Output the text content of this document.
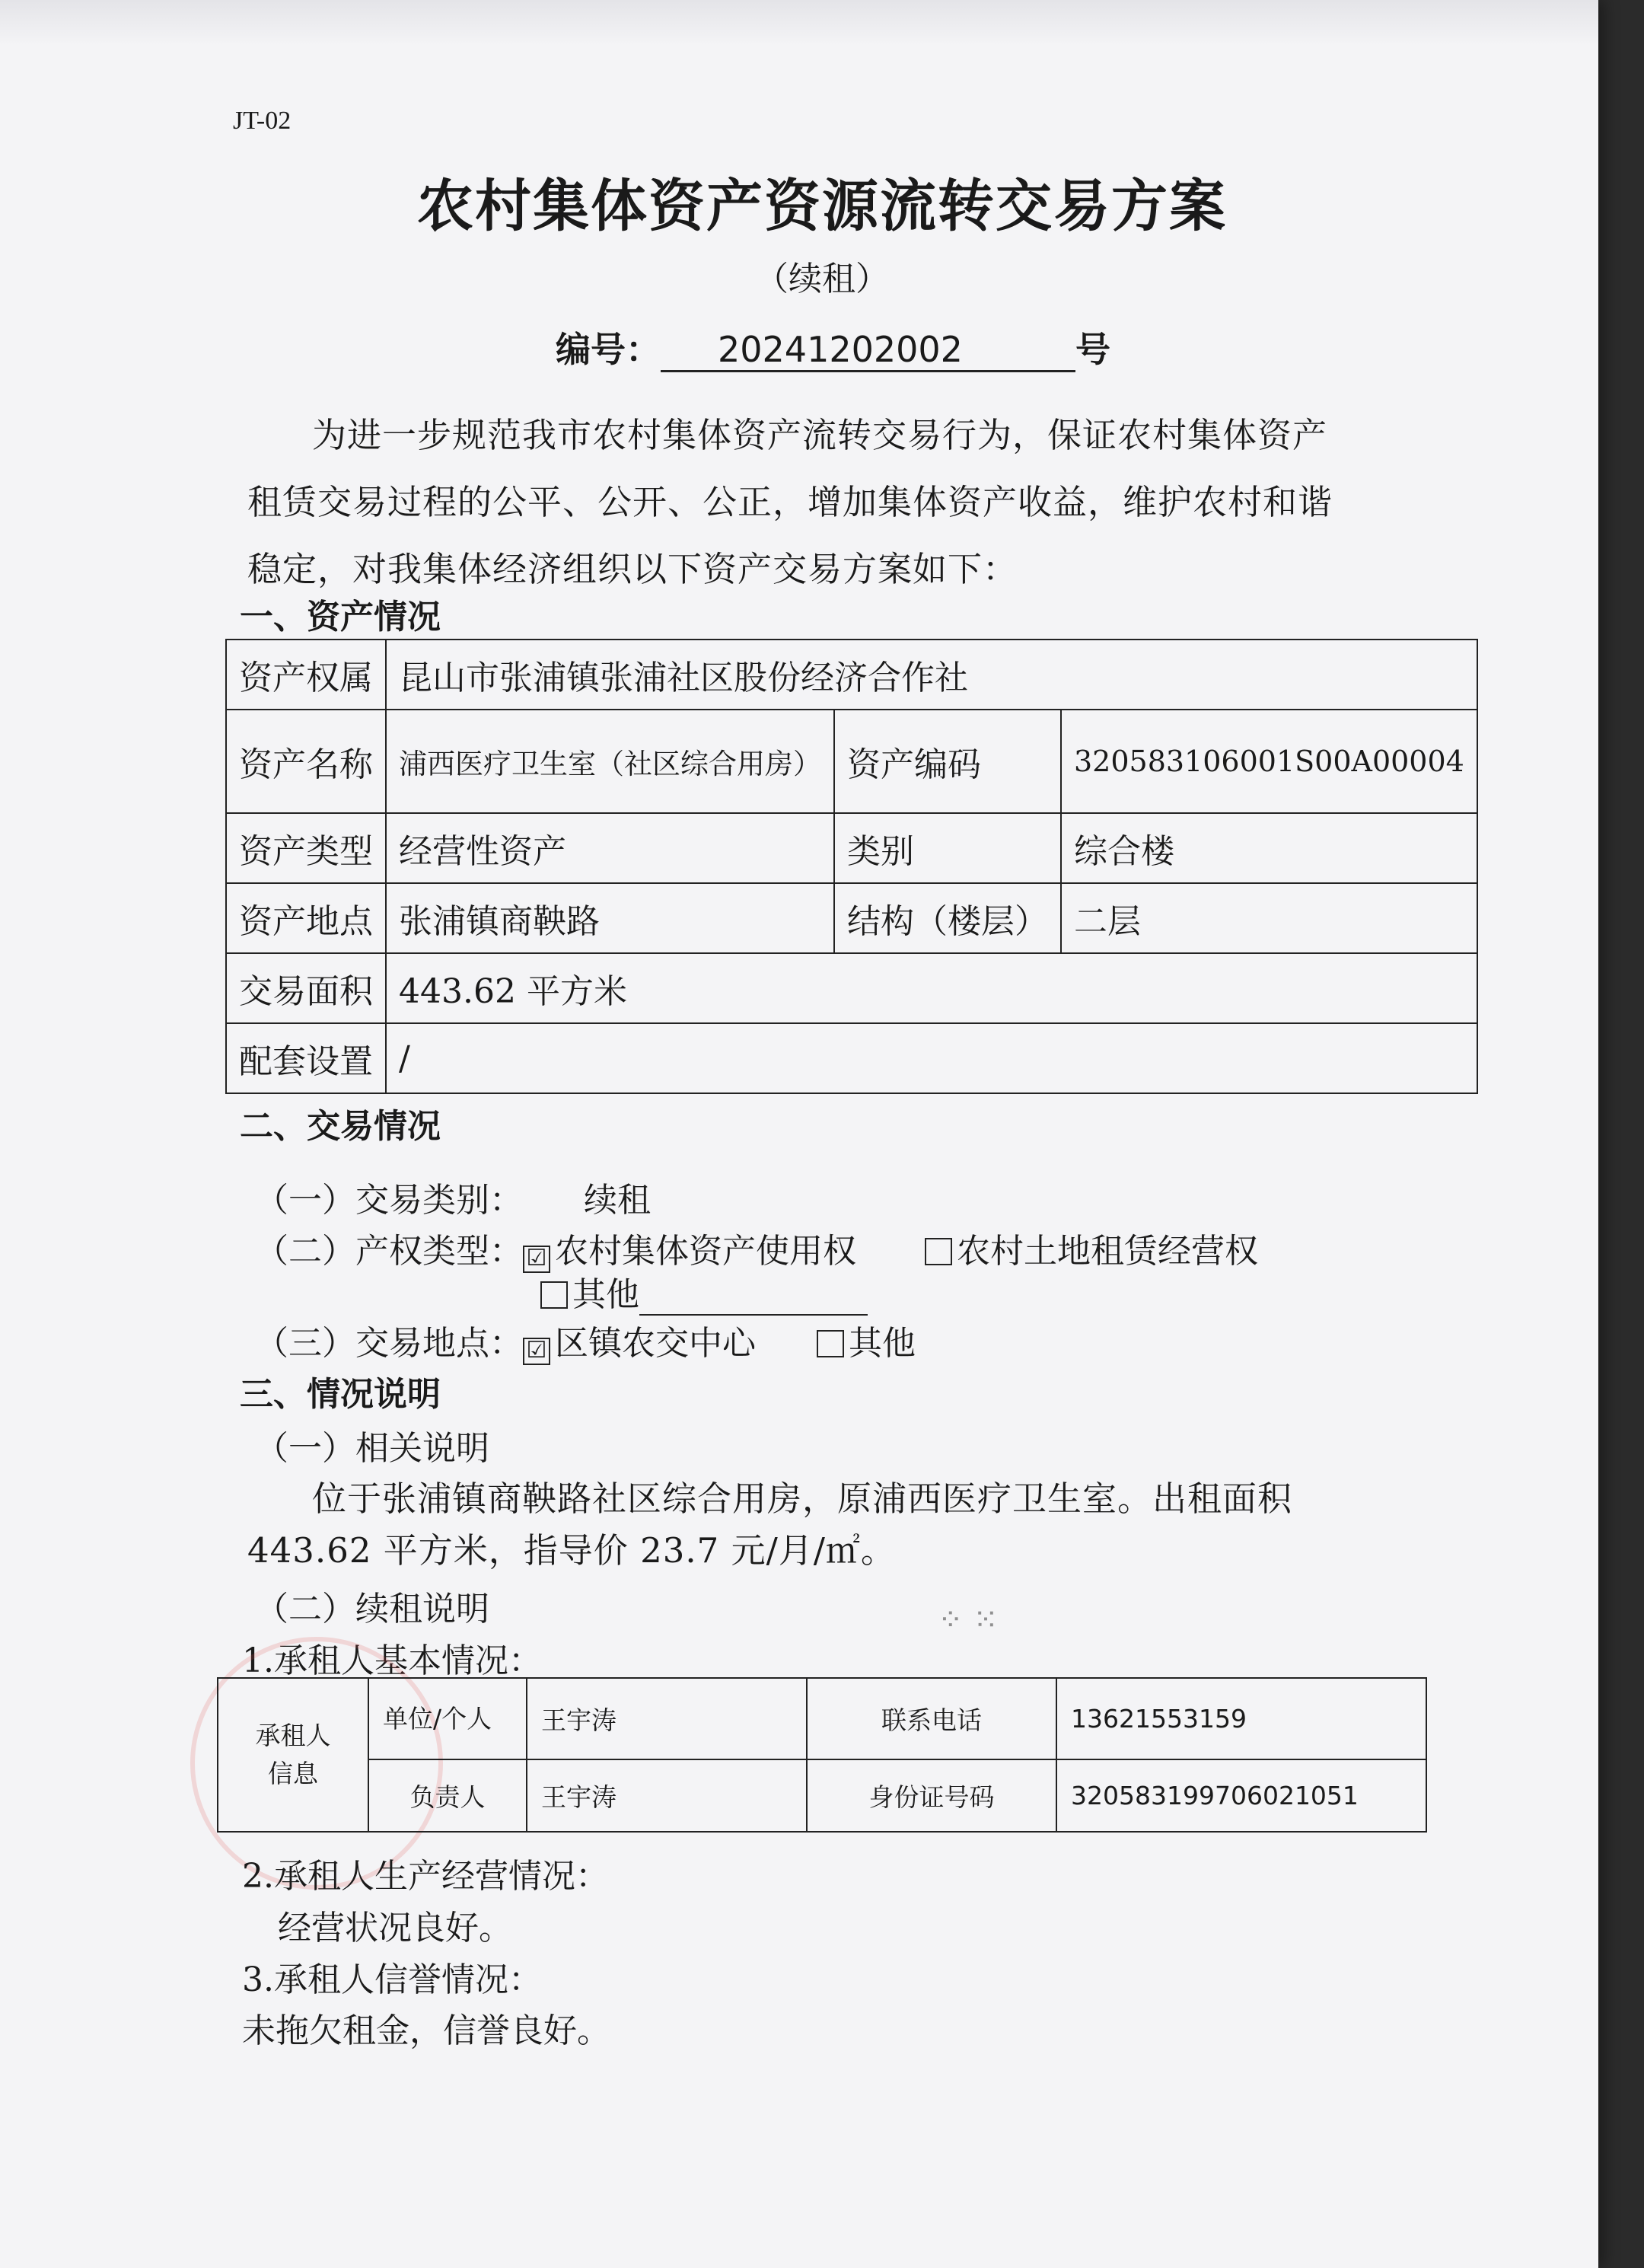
JT-02
农村集体资产资源流转交易方案
（续租）
编号： 20241202002	号
为进一步规范我市农村集体资产流转交易行为，保证农村集体资产
租赁交易过程的公平、公开、公正，增加集体资产收益，维护农村和谐
稳定，对我集体经济组织以下资产交易方案如下：
一、资产情况
资产权属	昆山市张浦镇张浦社区股份经济合作社		
资产名称	浦西医疗卫生室（社区综合用房）	资产编码	320583106001S00A00004
资产类型	经营性资产	类别	综合楼
资产地点	张浦镇商鞅路	结构（楼层）	二层
交易面积	443.62 平方米		
配套设置	/		
二、交易情况
（一）交易类别： 续租
（二）产权类型： ☑ 农村集体资产使用权	农村土地租赁经营权
其他
（三）交易地点： ☑ 区镇农交中心	其他
三、情况说明
（一）相关说明
位于张浦镇商鞅路社区综合用房，原浦西医疗卫生室。出租面积
443.62 平方米，指导价 23.7 元/月/㎡。
（二）续租说明
1.承租人基本情况：
⁘ ⁙
承租人
信息	单位/个人	王宇涛	联系电话	13621553159
	负责人	王宇涛	身份证号码	320583199706021051
2.承租人生产经营情况：
经营状况良好。
3.承租人信誉情况：
未拖欠租金，信誉良好。
